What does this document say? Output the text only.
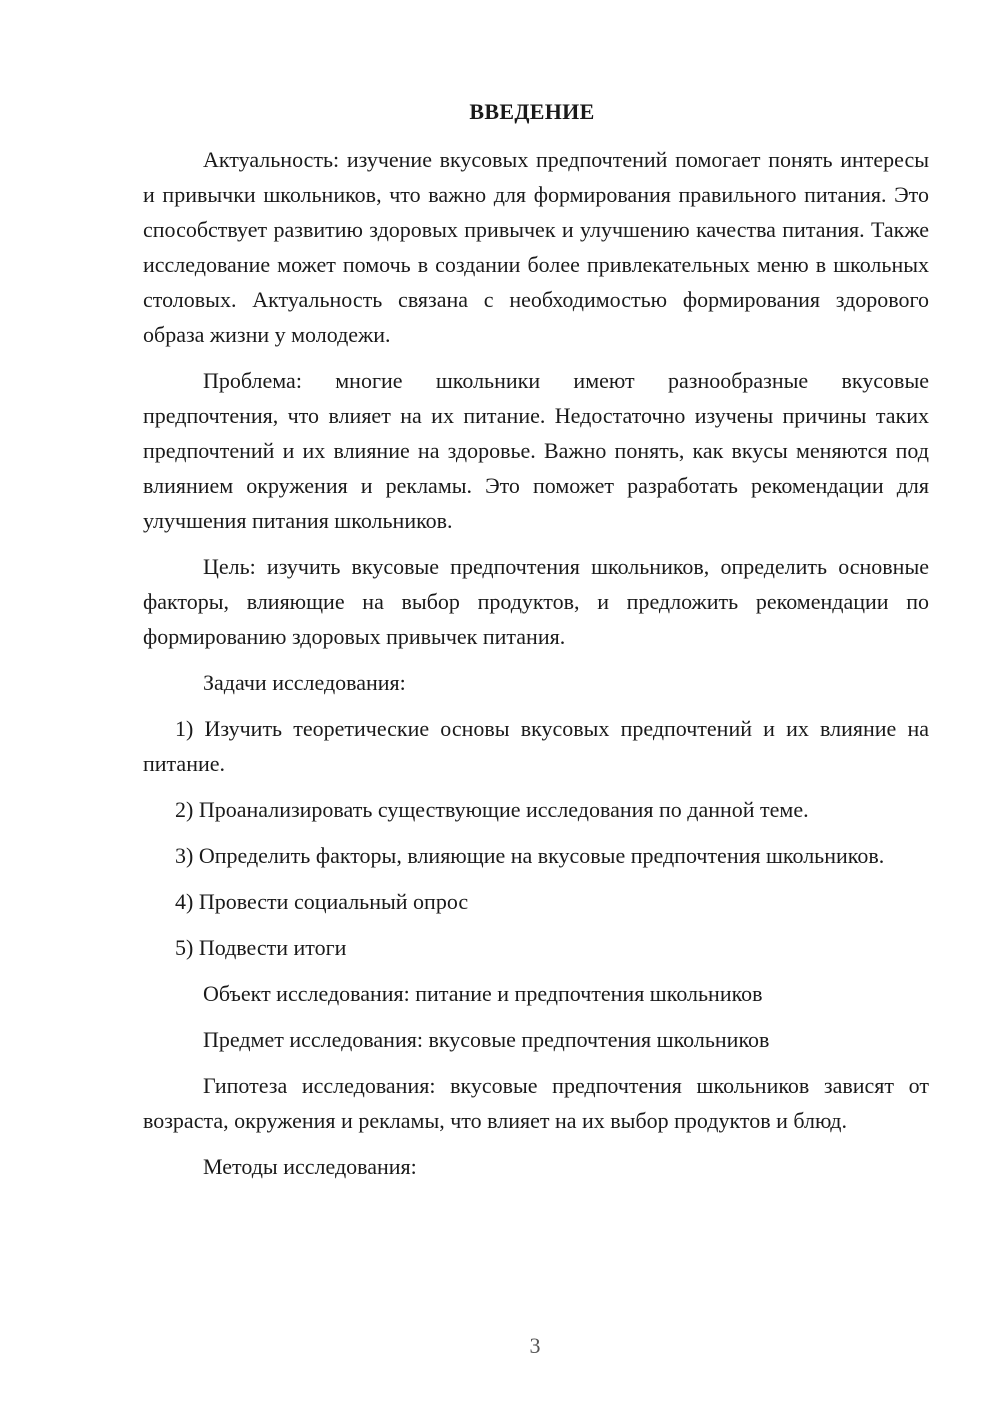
ВВЕДЕНИЕ

Актуальность: изучение вкусовых предпочтений помогает понять интересы и привычки школьников, что важно для формирования правильного питания. Это способствует развитию здоровых привычек и улучшению качества питания. Также исследование может помочь в создании более привлекательных меню в школьных столовых. Актуальность связана с необходимостью формирования здорового образа жизни у молодежи.

Проблема: многие школьники имеют разнообразные вкусовые предпочтения, что влияет на их питание. Недостаточно изучены причины таких предпочтений и их влияние на здоровье. Важно понять, как вкусы меняются под влиянием окружения и рекламы. Это поможет разработать рекомендации для улучшения питания школьников.

Цель: изучить вкусовые предпочтения школьников, определить основные факторы, влияющие на выбор продуктов, и предложить рекомендации по формированию здоровых привычек питания.

Задачи исследования:

1) Изучить теоретические основы вкусовых предпочтений и их влияние на питание.

2) Проанализировать существующие исследования по данной теме.

3) Определить факторы, влияющие на вкусовые предпочтения школьников.

4) Провести социальный опрос

5) Подвести итоги

Объект исследования: питание и предпочтения школьников

Предмет исследования: вкусовые предпочтения школьников

Гипотеза исследования: вкусовые предпочтения школьников зависят от возраста, окружения и рекламы, что влияет на их выбор продуктов и блюд.

Методы исследования:

3
